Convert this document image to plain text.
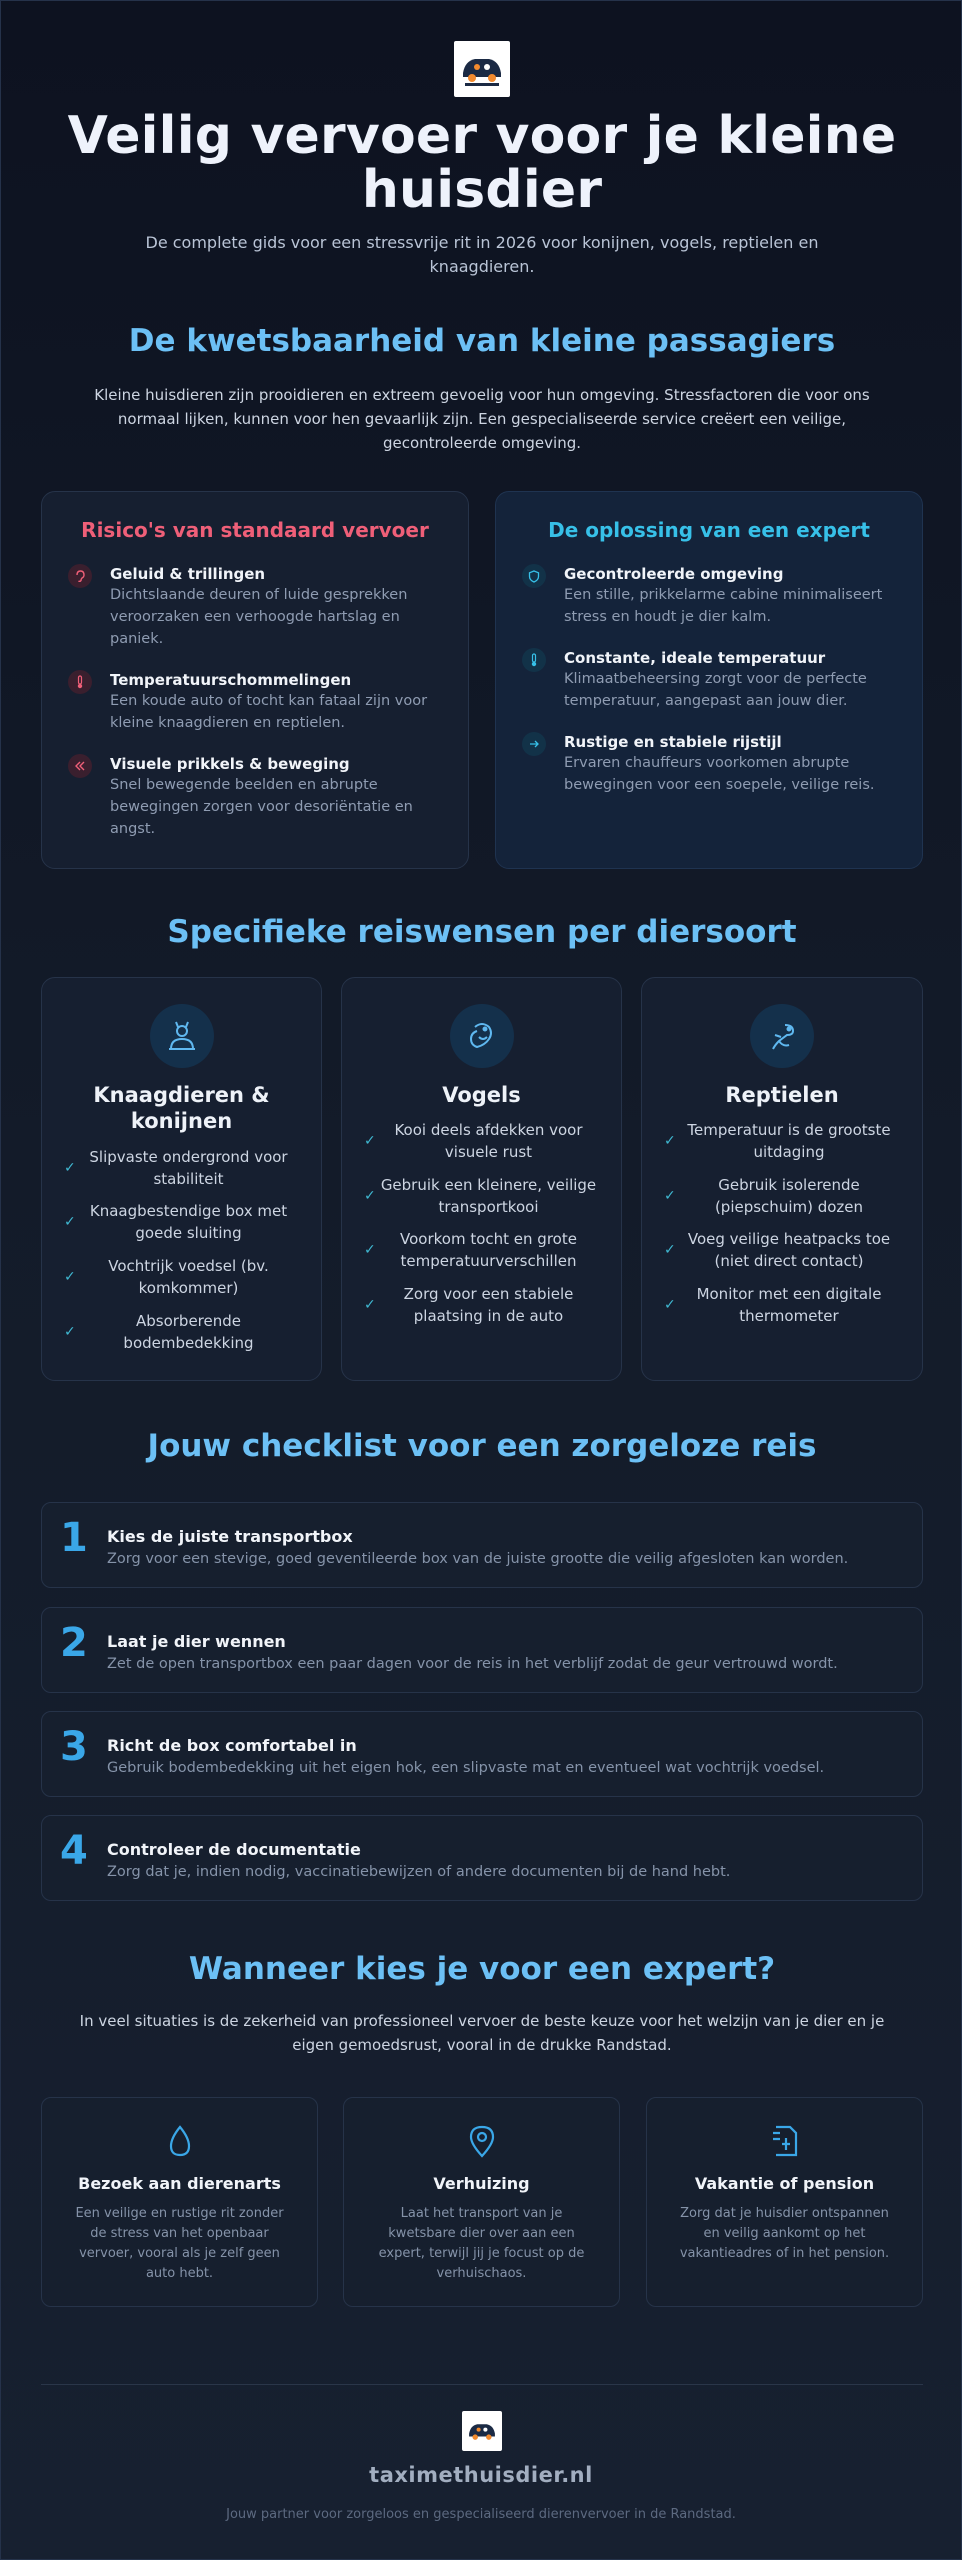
Veilig vervoer voor je kleine huisdier

De complete gids voor een stressvrije rit in 2026 voor konijnen, vogels, reptielen en knaagdieren.

De kwetsbaarheid van kleine passagiers

Kleine huisdieren zijn prooidieren en extreem gevoelig voor hun omgeving. Stressfactoren die voor ons normaal lijken, kunnen voor hen gevaarlijk zijn. Een gespecialiseerde service creëert een veilige, gecontroleerde omgeving.

Risico's van standaard vervoer
Geluid & trillingen
Dichtslaande deuren of luide gesprekken veroorzaken een verhoogde hartslag en paniek.
Temperatuurschommelingen
Een koude auto of tocht kan fataal zijn voor kleine knaagdieren en reptielen.
Visuele prikkels & beweging
Snel bewegende beelden en abrupte bewegingen zorgen voor desoriëntatie en angst.
De oplossing van een expert
Gecontroleerde omgeving
Een stille, prikkelarme cabine minimaliseert stress en houdt je dier kalm.
Constante, ideale temperatuur
Klimaatbeheersing zorgt voor de perfecte temperatuur, aangepast aan jouw dier.
Rustige en stabiele rijstijl
Ervaren chauffeurs voorkomen abrupte bewegingen voor een soepele, veilige reis.
Specifieke reiswensen per diersoort
Knaagdieren & konijnen
✓
Slipvaste ondergrond voor stabiliteit
✓
Knaagbestendige box met goede sluiting
✓
Vochtrijk voedsel (bv. komkommer)
✓
Absorberende bodembedekking
Vogels
✓
Kooi deels afdekken voor visuele rust
✓
Gebruik een kleinere, veilige transportkooi
✓
Voorkom tocht en grote temperatuurverschillen
✓
Zorg voor een stabiele plaatsing in de auto
Reptielen
✓
Temperatuur is de grootste uitdaging
✓
Gebruik isolerende (piepschuim) dozen
✓
Voeg veilige heatpacks toe (niet direct contact)
✓
Monitor met een digitale thermometer
Jouw checklist voor een zorgeloze reis
1 Kies de juiste transportbox
Zorg voor een stevige, goed geventileerde box van de juiste grootte die veilig afgesloten kan worden.
2 Laat je dier wennen
Zet de open transportbox een paar dagen voor de reis in het verblijf zodat de geur vertrouwd wordt.
3 Richt de box comfortabel in
Gebruik bodembedekking uit het eigen hok, een slipvaste mat en eventueel wat vochtrijk voedsel.
4 Controleer de documentatie
Zorg dat je, indien nodig, vaccinatiebewijzen of andere documenten bij de hand hebt.
Wanneer kies je voor een expert?

In veel situaties is de zekerheid van professioneel vervoer de beste keuze voor het welzijn van je dier en je eigen gemoedsrust, vooral in de drukke Randstad.

Bezoek aan dierenarts
Een veilige en rustige rit zonder de stress van het openbaar vervoer, vooral als je zelf geen auto hebt.
Verhuizing
Laat het transport van je kwetsbare dier over aan een expert, terwijl jij je focust op de verhuischaos.
Vakantie of pension
Zorg dat je huisdier ontspannen en veilig aankomt op het vakantieadres of in het pension.
taximethuisdier.nl
Jouw partner voor zorgeloos en gespecialiseerd dierenvervoer in de Randstad.
